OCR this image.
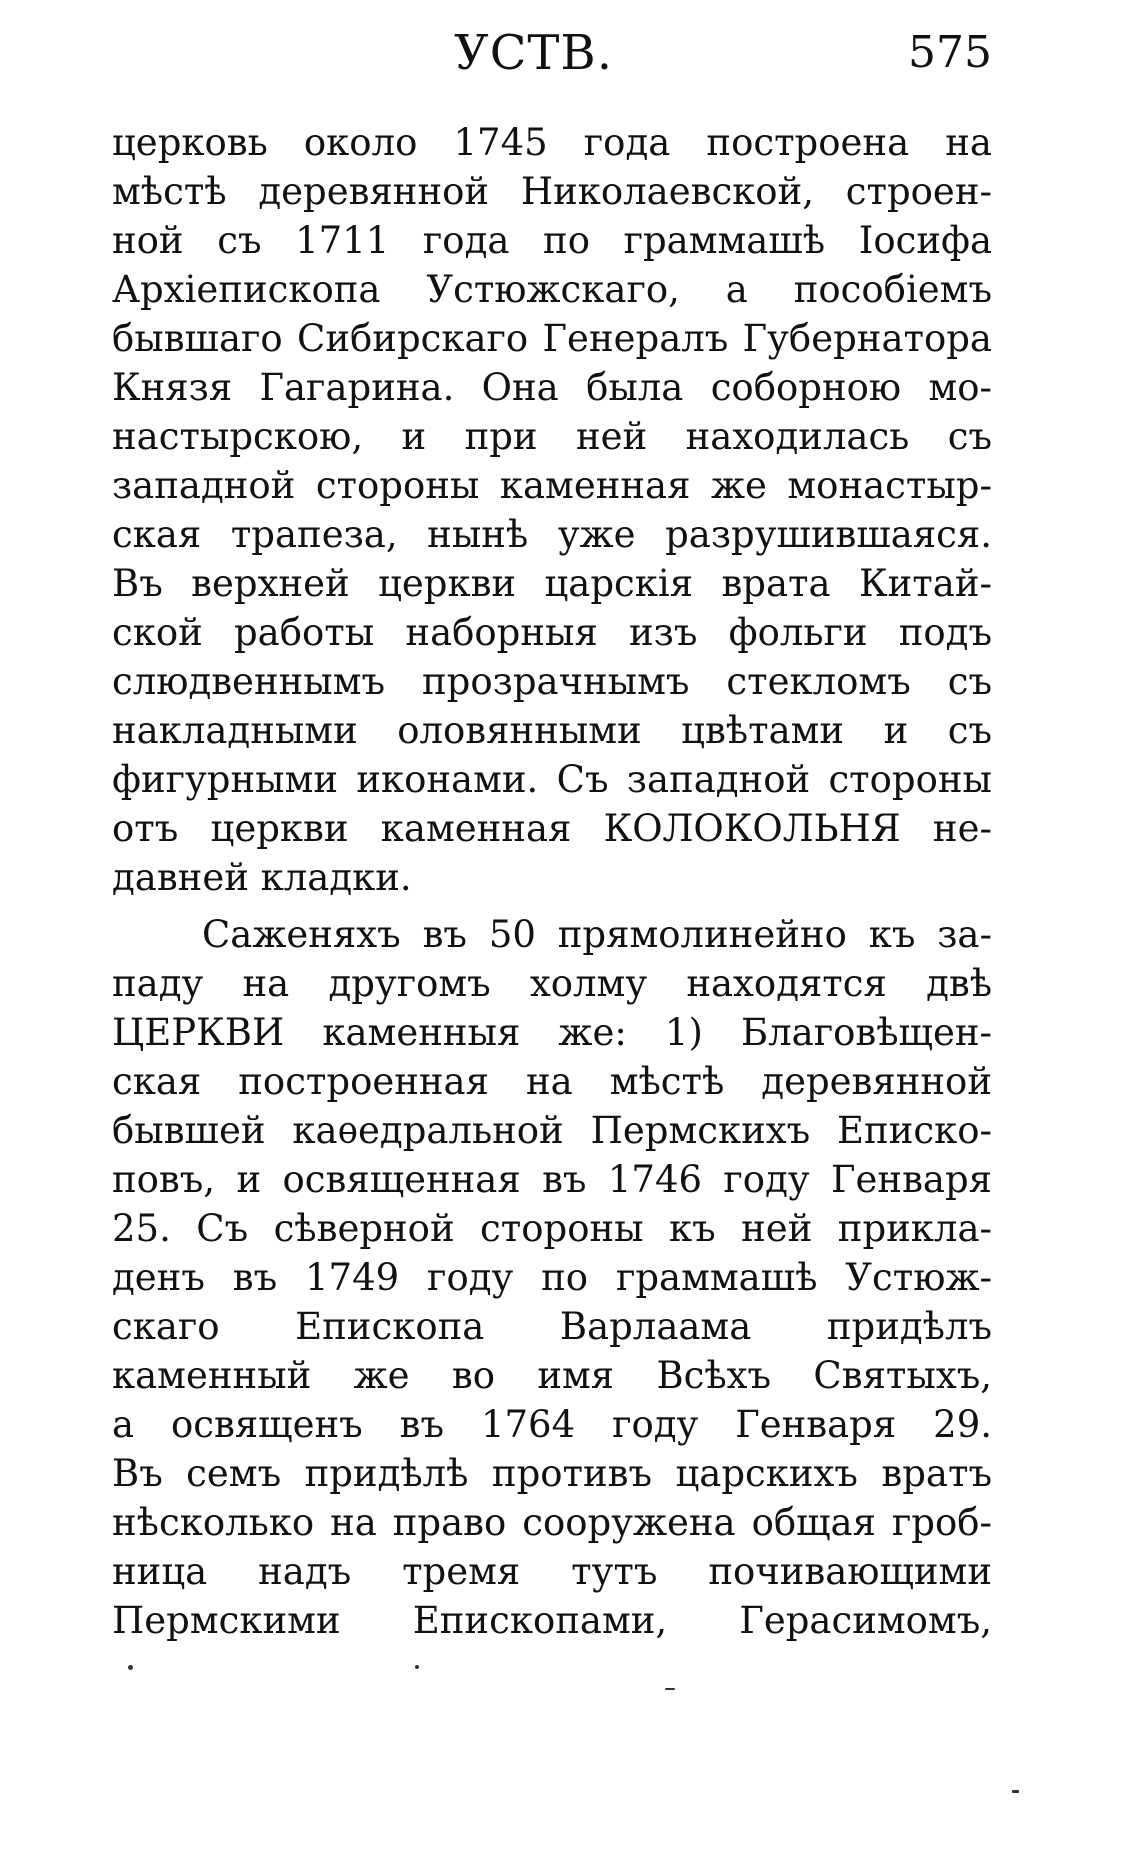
УСТВ.	575
церковь около 1745 года построена на
мѣстѣ деревянной Николаевской, строен-
ной съ 1711 года по граммашѣ Іосифа
Архіепископа Устюжскаго, а пособіемъ
бывшаго Сибирскаго Генералъ Губернатора
Князя Гагарина. Она была соборною мо-
настырскою, и при ней находилась съ
западной стороны каменная же монастыр-
ская трапеза, нынѣ уже разрушившаяся.
Въ верхней церкви царскія врата Китай-
ской работы наборныя изъ фольги подъ
слюдвеннымъ прозрачнымъ стекломъ съ
накладными оловянными цвѣтами и съ
фигурными иконами. Съ западной стороны
отъ церкви каменная КОЛОКОЛЬНЯ не-
давней кладки.
Саженяхъ въ 50 прямолинейно къ за-
паду на другомъ холму находятся двѣ
ЦЕРКВИ каменныя же: 1) Благовѣщен-
ская построенная на мѣстѣ деревянной
бывшей каѳедральной Пермскихъ Еписко-
повъ, и освященная въ 1746 году Генваря
25. Съ сѣверной стороны къ ней прикла-
денъ въ 1749 году по граммашѣ Устюж-
скаго Епископа Варлаама придѣлъ
каменный же во имя Всѣхъ Святыхъ,
а освященъ въ 1764 году Генваря 29.
Въ семъ придѣлѣ противъ царскихъ вратъ
нѣсколько на право сооружена общая гроб-
ница надъ тремя тутъ почивающими
Пермскими Епископами, Герасимомъ,
